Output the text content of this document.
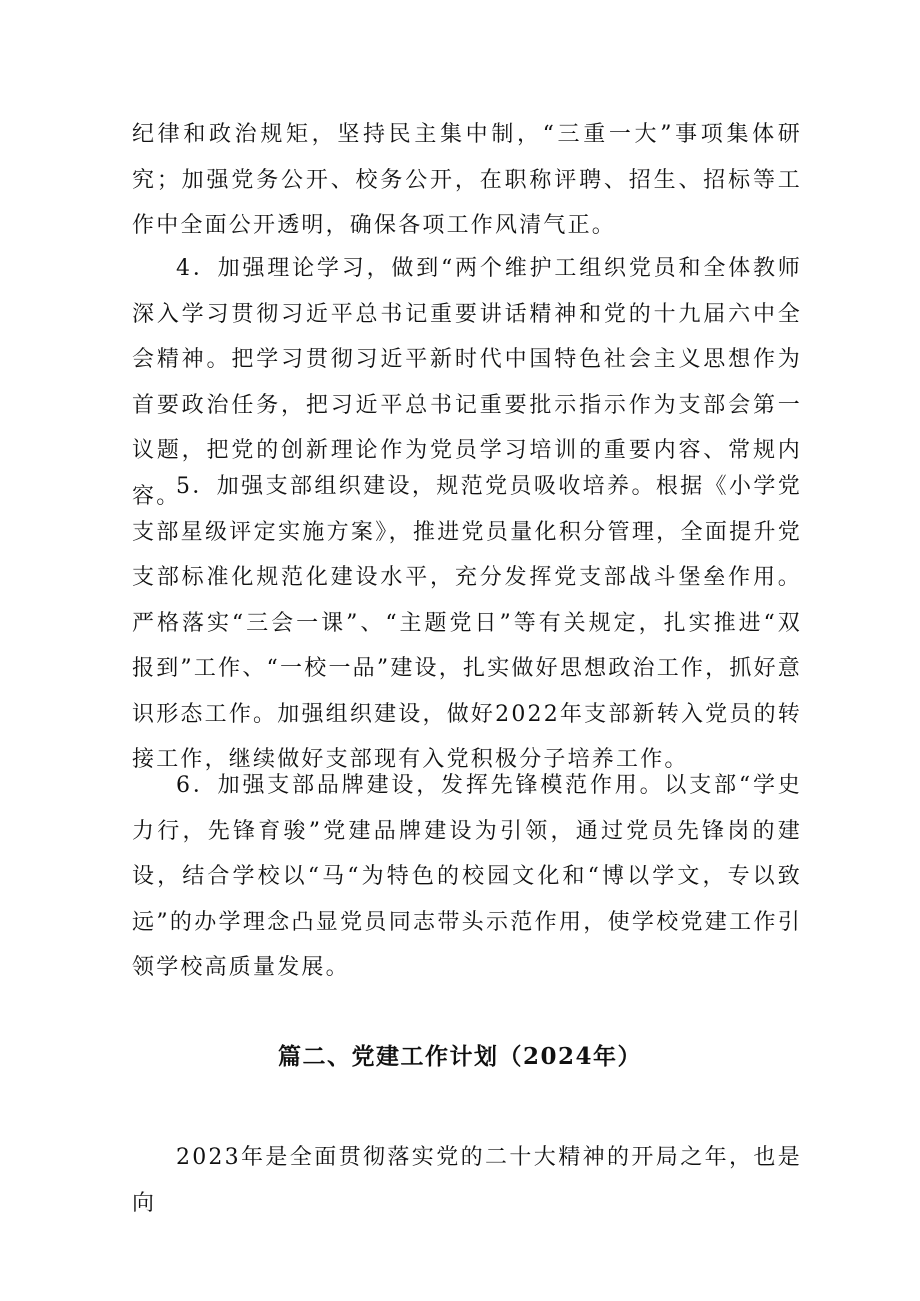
纪律和政治规矩，坚持民主集中制，“三重一大”事项集体研究；加强党务公开、校务公开，在职称评聘、招生、招标等工作中全面公开透明，确保各项工作风清气正。

4．加强理论学习，做到“两个维护工组织党员和全体教师深入学习贯彻习近平总书记重要讲话精神和党的十九届六中全会精神。把学习贯彻习近平新时代中国特色社会主义思想作为首要政治任务，把习近平总书记重要批示指示作为支部会第一议题，把党的创新理论作为党员学习培训的重要内容、常规内容。

5．加强支部组织建设，规范党员吸收培养。根据《小学党支部星级评定实施方案》，推进党员量化积分管理，全面提升党支部标准化规范化建设水平，充分发挥党支部战斗堡垒作用。严格落实“三会一课”、“主题党日”等有关规定，扎实推进“双报到”工作、“一校一品”建设，扎实做好思想政治工作，抓好意识形态工作。加强组织建设，做好2022年支部新转入党员的转接工作，继续做好支部现有入党积极分子培养工作。

6．加强支部品牌建设，发挥先锋模范作用。以支部“学史力行，先锋育骏”党建品牌建设为引领，通过党员先锋岗的建设，结合学校以“马“为特色的校园文化和“博以学文，专以致远”的办学理念凸显党员同志带头示范作用，使学校党建工作引领学校高质量发展。

篇二、党建工作计划（2024年）

2023年是全面贯彻落实党的二十大精神的开局之年，也是向
